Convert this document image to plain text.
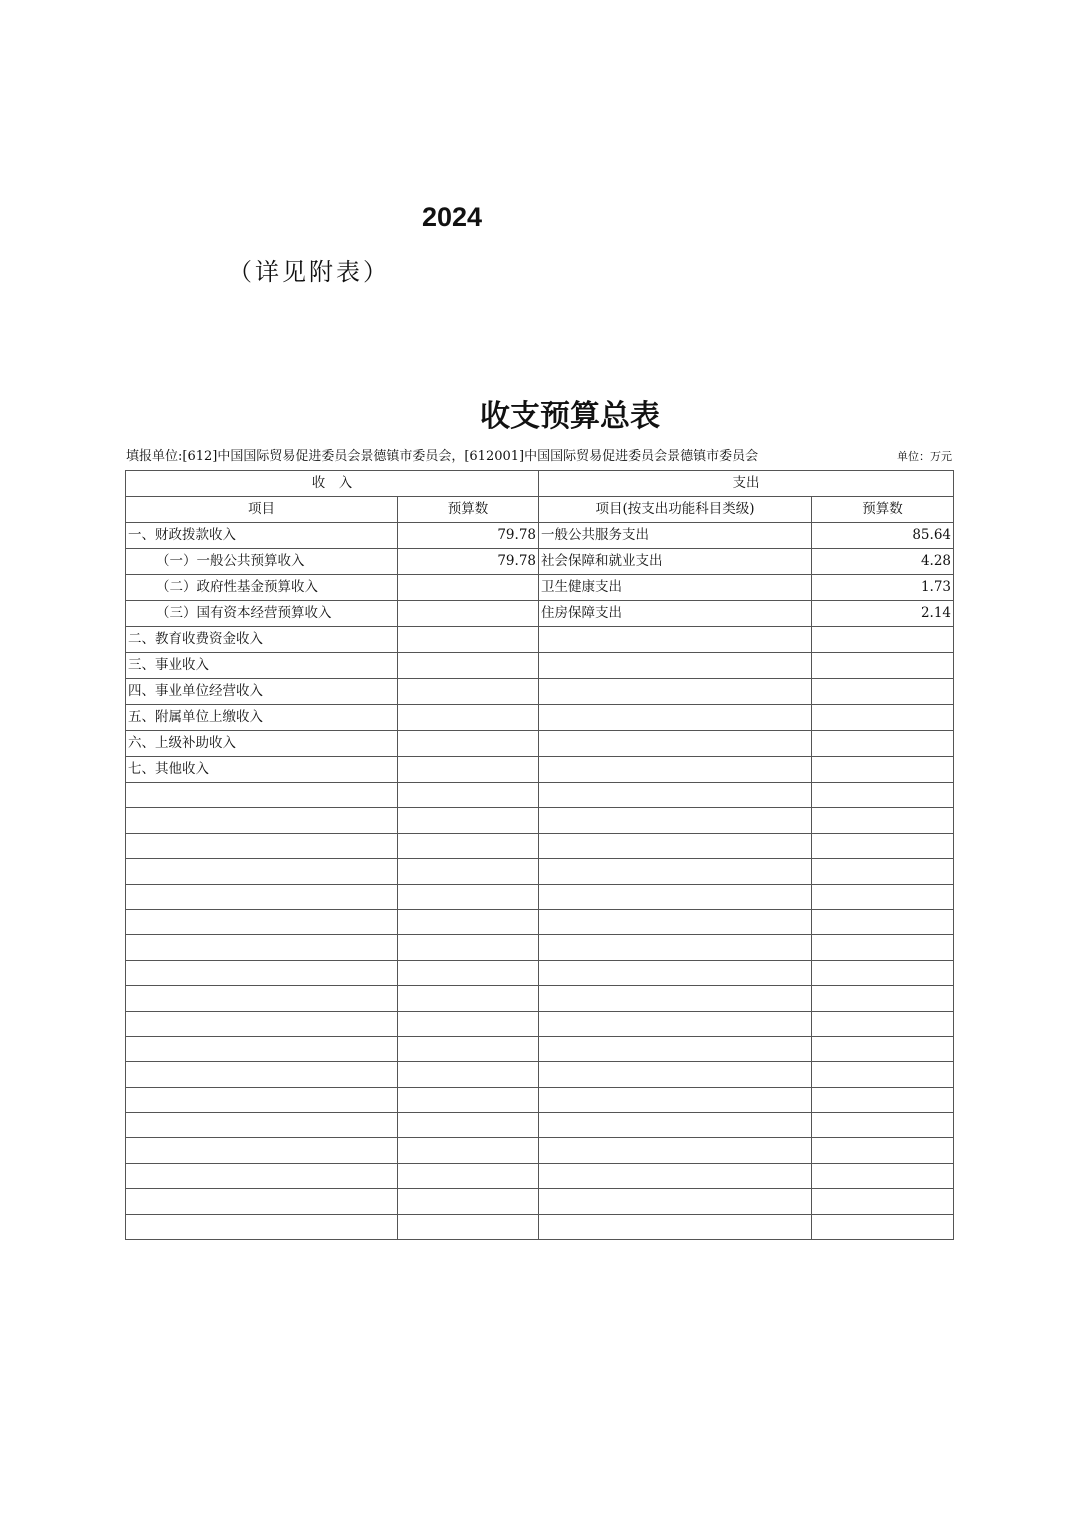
2024
（详见附表）
收支预算总表
填报单位:[612]中国国际贸易促进委员会景德镇市委员会，[612001]中国国际贸易促进委员会景德镇市委员会	单位：万元
收　入		支出	
项目	预算数	项目(按支出功能科目类级)	预算数
一、财政拨款收入	79.78	一般公共服务支出	85.64
（一）一般公共预算收入	79.78	社会保障和就业支出	4.28
（二）政府性基金预算收入		卫生健康支出	1.73
（三）国有资本经营预算收入		住房保障支出	2.14
二、教育收费资金收入			
三、事业收入			
四、事业单位经营收入			
五、附属单位上缴收入			
六、上级补助收入			
七、其他收入			
